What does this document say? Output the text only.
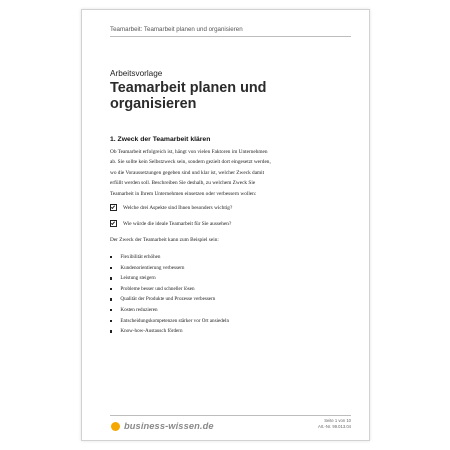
Teamarbeit: Teamarbeit planen und organisieren
Arbeitsvorlage
Teamarbeit planen und organisieren
1. Zweck der Teamarbeit klären
Ob Teamarbeit erfolgreich ist, hängt von vielen Faktoren im Unternehmen
ab. Sie sollte kein Selbstzweck sein, sondern gezielt dort eingesetzt werden,
wo die Voraussetzungen gegeben sind und klar ist, welcher Zweck damit
erfüllt werden soll. Beschreiben Sie deshalb, zu welchem Zweck Sie
Teamarbeit in Ihrem Unternehmen einsetzen oder verbessern wollen:
Welche drei Aspekte sind Ihnen besonders wichtig?
Wie würde die ideale Teamarbeit für Sie aussehen?
Der Zweck der Teamarbeit kann zum Beispiel sein:
Flexibilität erhöhen
Kundenorientierung verbessern
Leistung steigern
Probleme besser und schneller lösen
Qualität der Produkte und Prozesse verbessern
Kosten reduzieren
Entscheidungskompetenzen stärker vor Ort ansiedeln
Know-how-Austausch fördern
business-wissen.de
Seite 1 von 10
Art.-Nr. 99.013.04
